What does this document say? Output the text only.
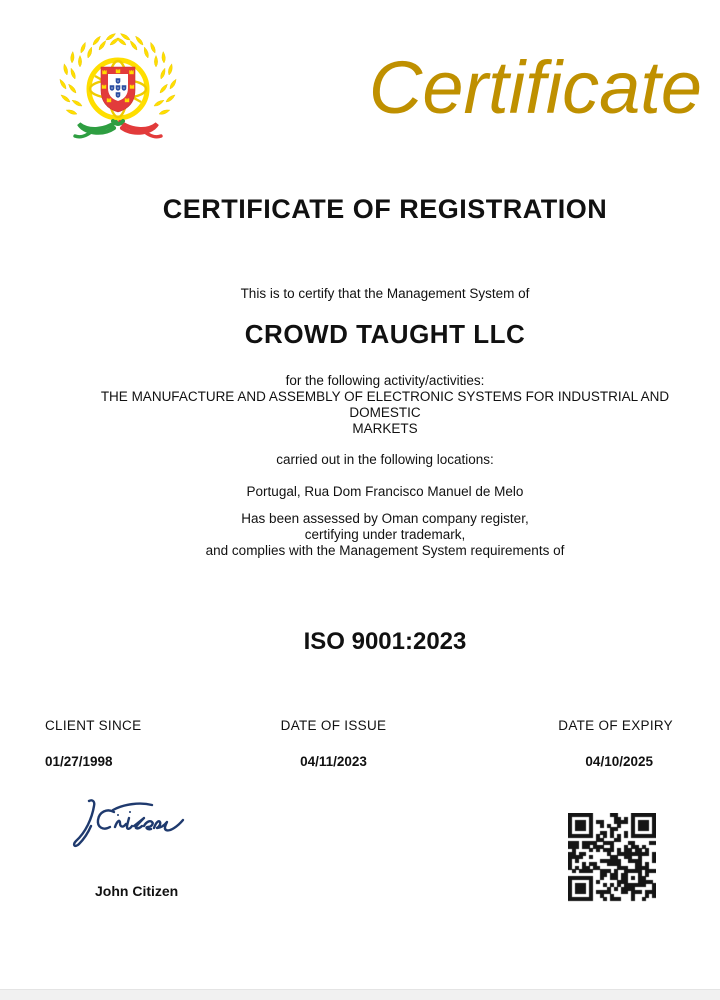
Certificate
CERTIFICATE OF REGISTRATION
This is to certify that the Management System of
CROWD TAUGHT LLC
for the following activity/activities:
THE MANUFACTURE AND ASSEMBLY OF ELECTRONIC SYSTEMS FOR INDUSTRIAL AND
DOMESTIC
MARKETS
carried out in the following locations:
Portugal, Rua Dom Francisco Manuel de Melo
Has been assessed by Oman company register,
certifying under trademark,
and complies with the Management System requirements of
ISO 9001:2023
CLIENT SINCE
01/27/1998
DATE OF ISSUE
04/11/2023
DATE OF EXPIRY
04/10/2025
John Citizen
